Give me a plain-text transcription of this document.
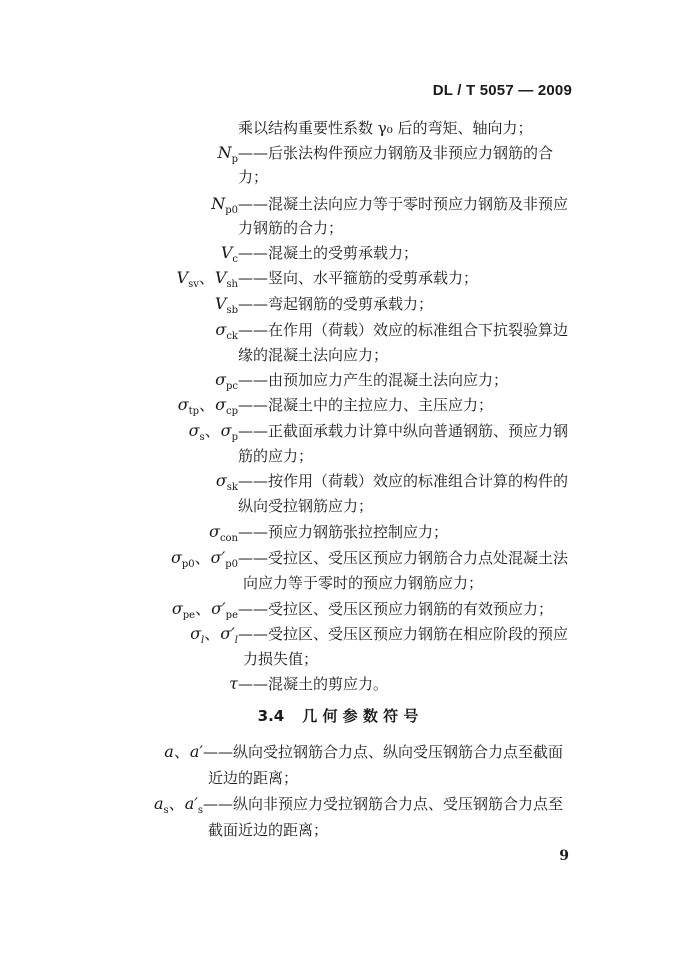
DL / T 5057 — 2009
乘以结构重要性系数 γ₀ 后的弯矩、轴向力；
$N_p$ ——后张法构件预应力钢筋及非预应力钢筋的合
力；
$N_{p0}$ ——混凝土法向应力等于零时预应力钢筋及非预应
力钢筋的合力；
$V_c$ ——混凝土的受剪承载力；
$V_{sv}$、$V_{sh}$ ——竖向、水平箍筋的受剪承载力；
$V_{sb}$ ——弯起钢筋的受剪承载力；
$\sigma_{ck}$ ——在作用（荷载）效应的标准组合下抗裂验算边
缘的混凝土法向应力；
$\sigma_{pc}$ ——由预加应力产生的混凝土法向应力；
$\sigma_{tp}$、$\sigma_{cp}$ ——混凝土中的主拉应力、主压应力；
$\sigma_s$、$\sigma_p$ ——正截面承载力计算中纵向普通钢筋、预应力钢
筋的应力；
$\sigma_{sk}$ ——按作用（荷载）效应的标准组合计算的构件的
纵向受拉钢筋应力；
$\sigma_{con}$ ——预应力钢筋张拉控制应力；
$\sigma_{p0}$、$\sigma'_{p0}$ ——受拉区、受压区预应力钢筋合力点处混凝土法
向应力等于零时的预应力钢筋应力；
$\sigma_{pe}$、$\sigma'_{pe}$ ——受拉区、受压区预应力钢筋的有效预应力；
$\sigma_l$、$\sigma'_l$ ——受拉区、受压区预应力钢筋在相应阶段的预应
力损失值；
τ ——混凝土的剪应力。
3.4 几 何 参 数 符 号
a、a′ ——纵向受拉钢筋合力点、纵向受压钢筋合力点至截面
近边的距离；
$a_s$、$a'_s$ ——纵向非预应力受拉钢筋合力点、受压钢筋合力点至
截面近边的距离；
9
